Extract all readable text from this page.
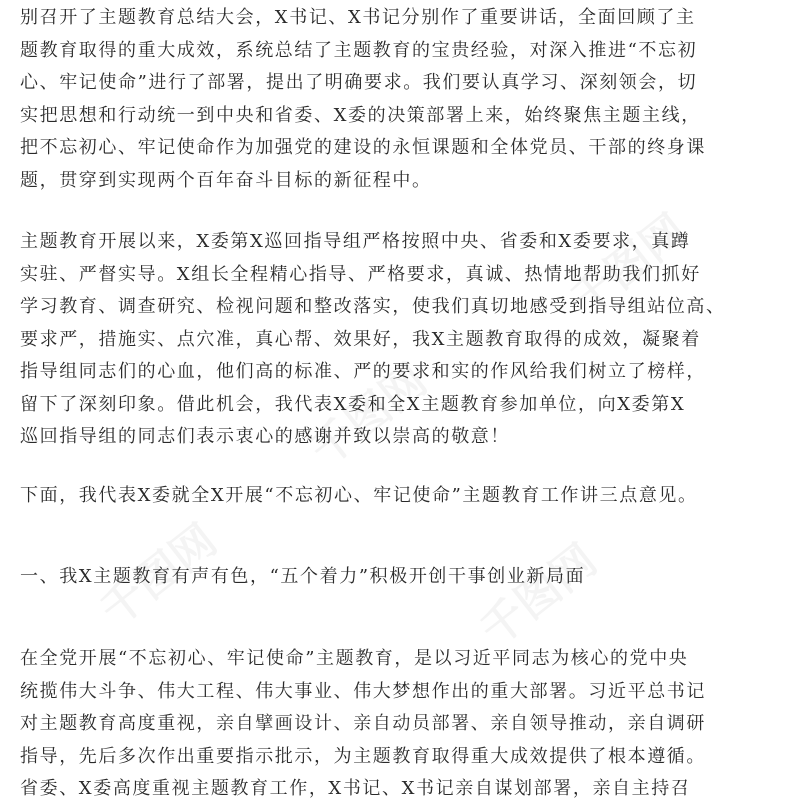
别召开了主题教育总结大会，X书记、X书记分别作了重要讲话，全面回顾了主
题教育取得的重大成效，系统总结了主题教育的宝贵经验，对深入推进“不忘初
心、牢记使命”进行了部署，提出了明确要求。我们要认真学习、深刻领会，切
实把思想和行动统一到中央和省委、X委的决策部署上来，始终聚焦主题主线，
把不忘初心、牢记使命作为加强党的建设的永恒课题和全体党员、干部的终身课
题，贯穿到实现两个百年奋斗目标的新征程中。

主题教育开展以来，X委第X巡回指导组严格按照中央、省委和X委要求，真蹲
实驻、严督实导。X组长全程精心指导、严格要求，真诚、热情地帮助我们抓好
学习教育、调查研究、检视问题和整改落实，使我们真切地感受到指导组站位高、
要求严，措施实、点穴准，真心帮、效果好，我X主题教育取得的成效，凝聚着
指导组同志们的心血，他们高的标准、严的要求和实的作风给我们树立了榜样，
留下了深刻印象。借此机会，我代表X委和全X主题教育参加单位，向X委第X
巡回指导组的同志们表示衷心的感谢并致以崇高的敬意！

下面，我代表X委就全X开展“不忘初心、牢记使命”主题教育工作讲三点意见。

一、我X主题教育有声有色，“五个着力”积极开创干事创业新局面

在全党开展“不忘初心、牢记使命”主题教育，是以习近平同志为核心的党中央
统揽伟大斗争、伟大工程、伟大事业、伟大梦想作出的重大部署。习近平总书记
对主题教育高度重视，亲自擘画设计、亲自动员部署、亲自领导推动，亲自调研
指导，先后多次作出重要指示批示，为主题教育取得重大成效提供了根本遵循。
省委、X委高度重视主题教育工作，X书记、X书记亲自谋划部署，亲自主持召
